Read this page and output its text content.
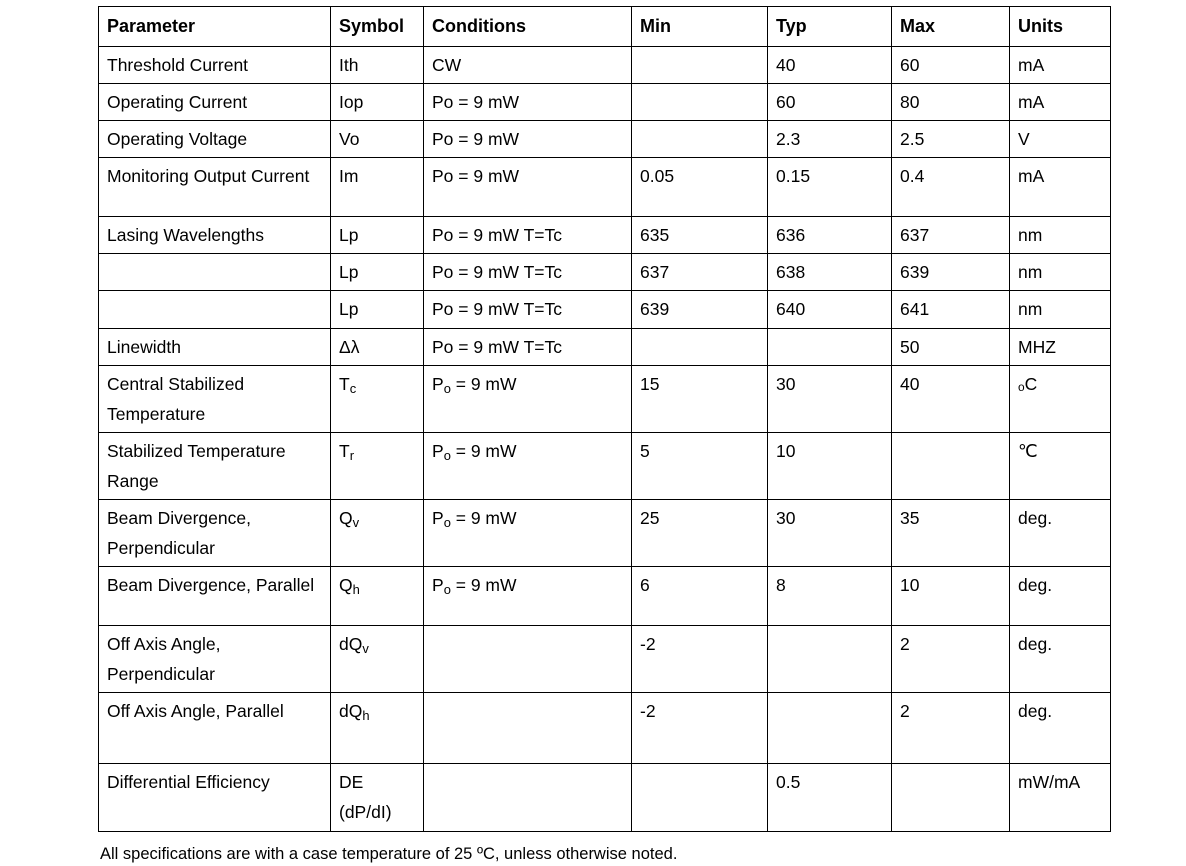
Parameter	Symbol	Conditions	Min	Typ	Max	Units
Threshold Current	Ith	CW		40	60	mA
Operating Current	Iop	Po = 9 mW		60	80	mA
Operating Voltage	Vo	Po = 9 mW		2.3	2.5	V
Monitoring Output Current	Im	Po = 9 mW	0.05	0.15	0.4	mA
Lasing Wavelengths	Lp	Po = 9 mW T=Tc	635	636	637	nm
	Lp	Po = 9 mW T=Tc	637	638	639	nm
	Lp	Po = 9 mW T=Tc	639	640	641	nm
Linewidth	Δλ	Po = 9 mW T=Tc			50	MHZ
Central Stabilized Temperature	Tc	Po = 9 mW	15	30	40	ₒC
Stabilized Temperature Range	Tr	Po = 9 mW	5	10		℃
Beam Divergence, Perpendicular	Qv	Po = 9 mW	25	30	35	deg.
Beam Divergence, Parallel	Qh	Po = 9 mW	6	8	10	deg.
Off Axis Angle, Perpendicular	dQv		-2		2	deg.
Off Axis Angle, Parallel	dQh		-2		2	deg.
Differential Efficiency	DE (dP/dI)			0.5		mW/mA
All specifications are with a case temperature of 25 ºC, unless otherwise noted.
